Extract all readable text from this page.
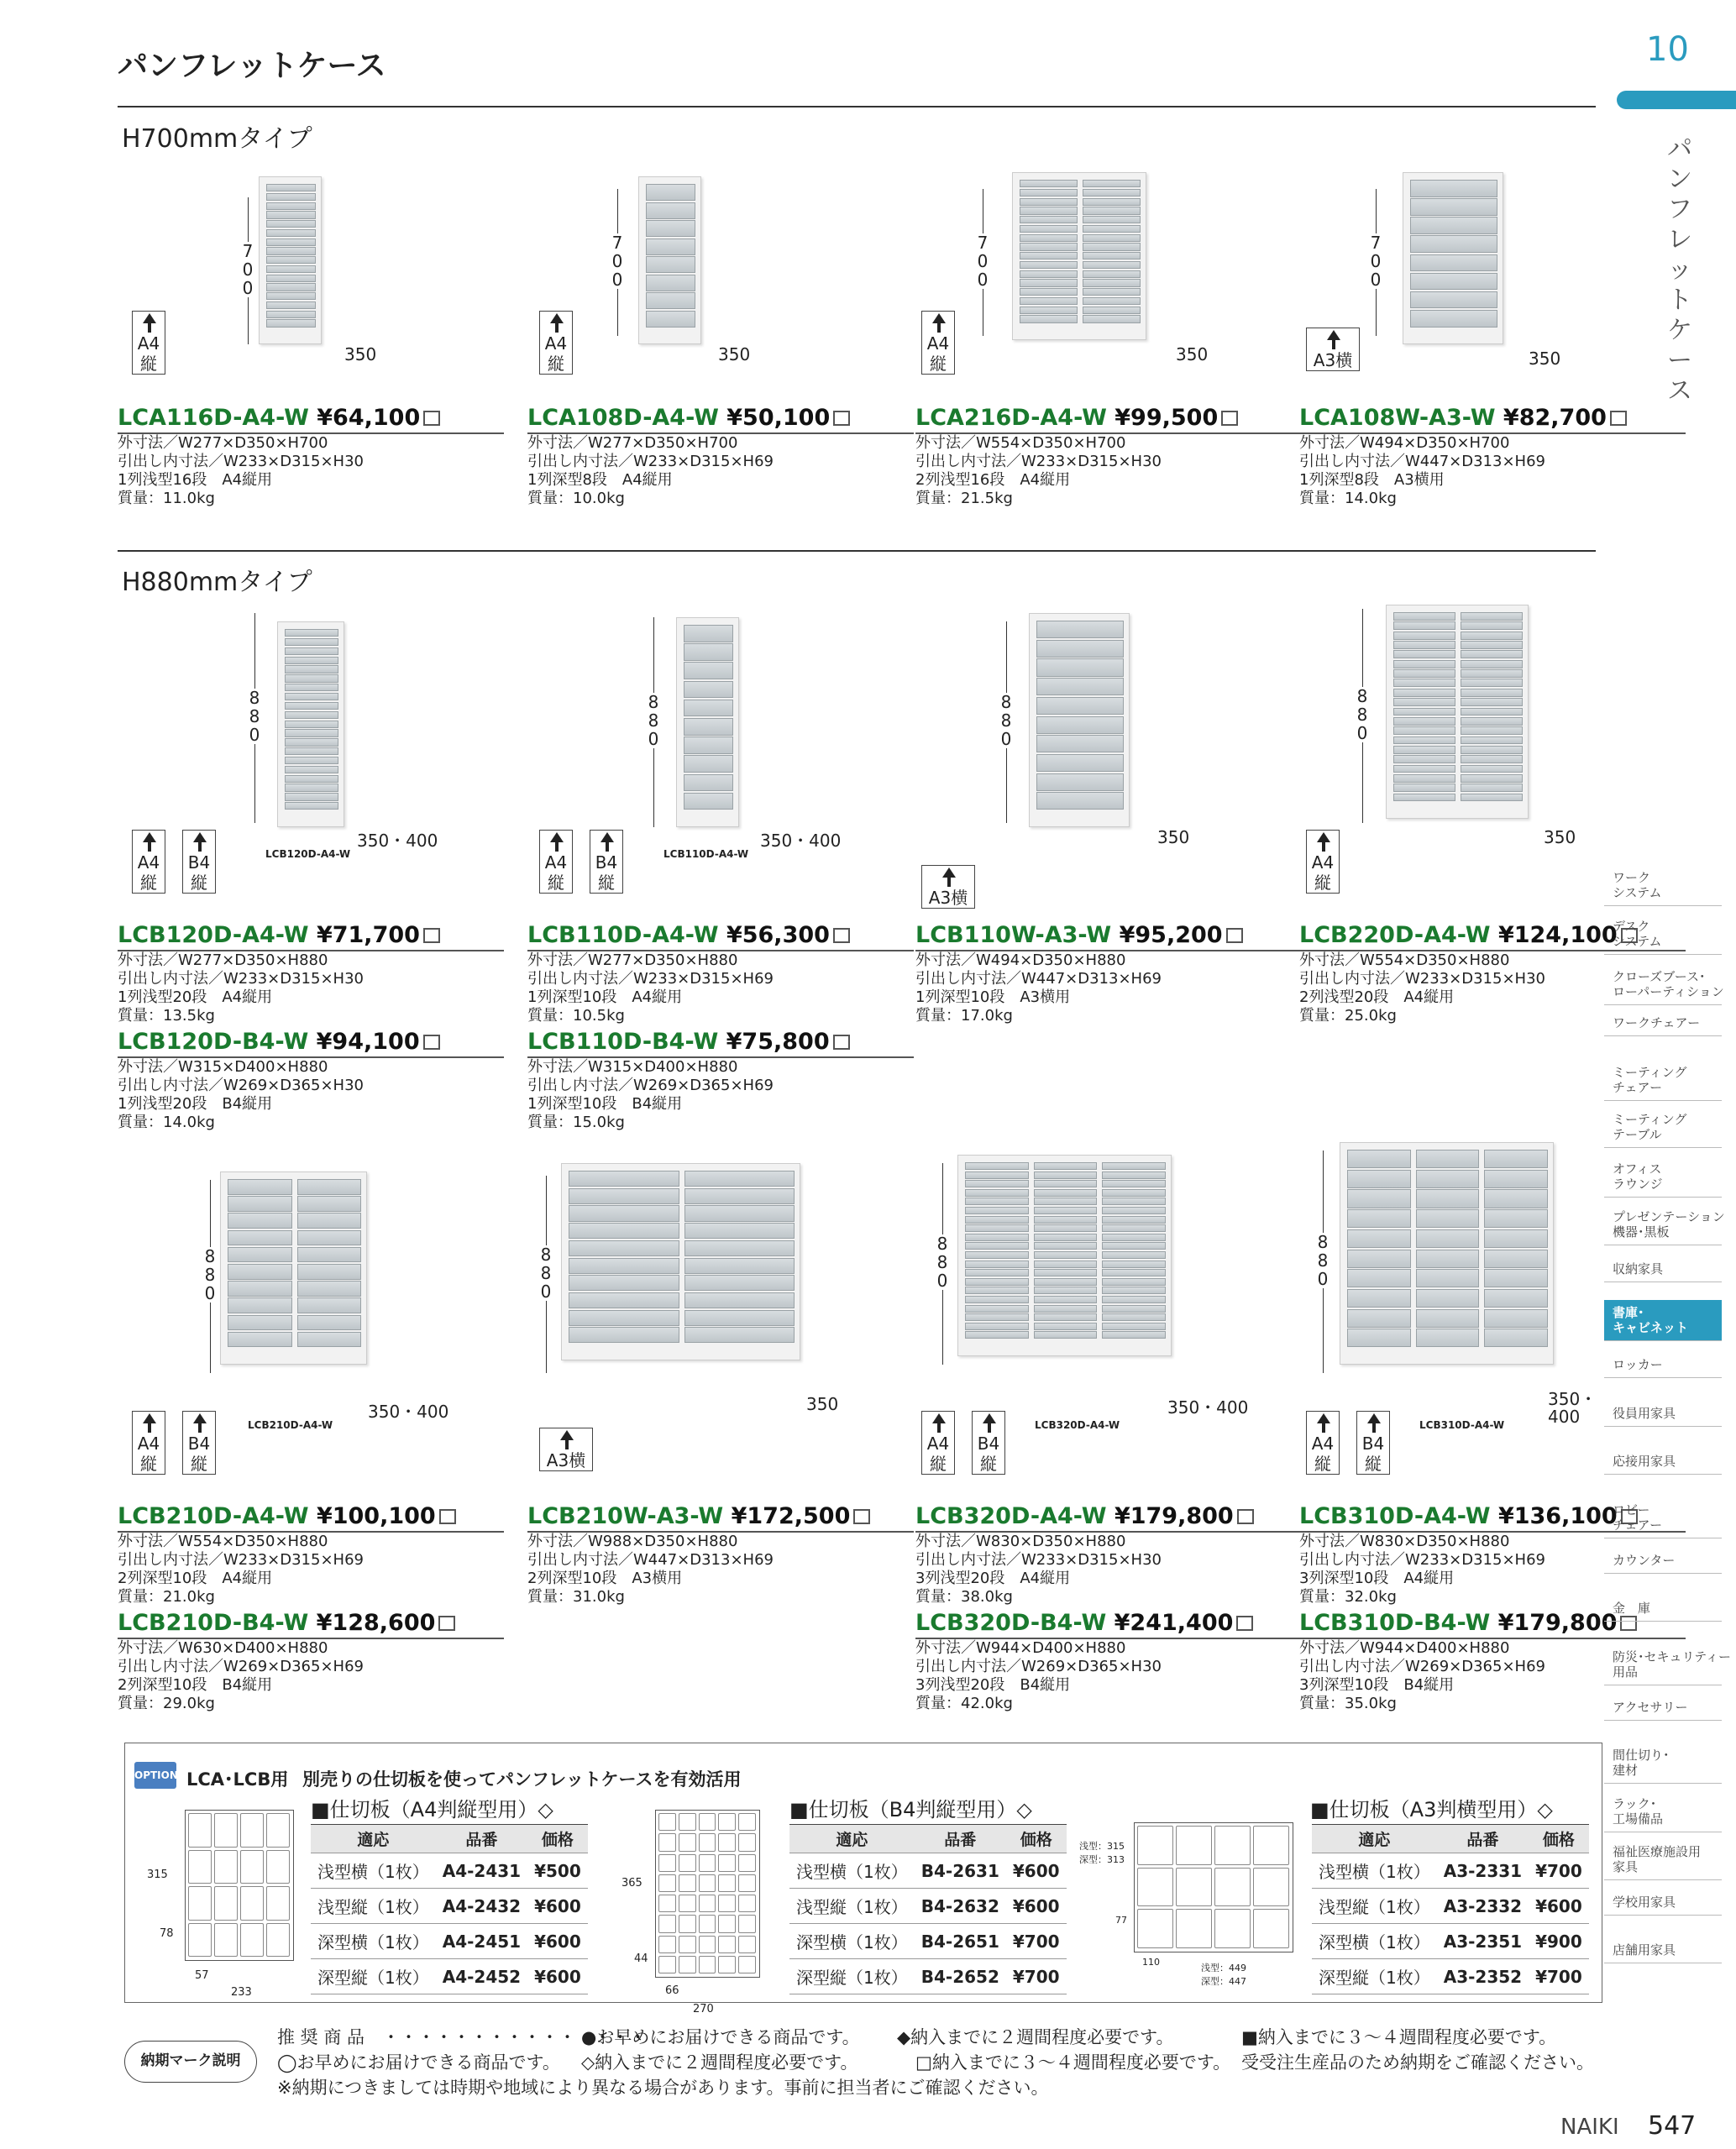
パンフレットケース	10
パンフレットケース
H700mmタイプ
H880mmタイプ
7
0
0
350
A4
縦
LCA116D-A4-W ¥64,100
外寸法／W277×D350×H700
引出し内寸法／W233×D315×H30
1列浅型16段　A4縦用
質量：11.0kg
7
0
0
350
A4
縦
LCA108D-A4-W ¥50,100
外寸法／W277×D350×H700
引出し内寸法／W233×D315×H69
1列深型8段　A4縦用
質量：10.0kg
7
0
0
350
A4
縦
LCA216D-A4-W ¥99,500
外寸法／W554×D350×H700
引出し内寸法／W233×D315×H30
2列浅型16段　A4縦用
質量：21.5kg
7
0
0
350
A3横
LCA108W-A3-W ¥82,700
外寸法／W494×D350×H700
引出し内寸法／W447×D313×H69
1列深型8段　A3横用
質量：14.0kg
8
8
0
350・400
LCB120D-A4-W
A4
縦
B4
縦
LCB120D-A4-W ¥71,700
外寸法／W277×D350×H880
引出し内寸法／W233×D315×H30
1列浅型20段　A4縦用
質量：13.5kg
LCB120D-B4-W ¥94,100
外寸法／W315×D400×H880
引出し内寸法／W269×D365×H30
1列浅型20段　B4縦用
質量：14.0kg
8
8
0
350・400
LCB110D-A4-W
A4
縦
B4
縦
LCB110D-A4-W ¥56,300
外寸法／W277×D350×H880
引出し内寸法／W233×D315×H69
1列深型10段　A4縦用
質量：10.5kg
LCB110D-B4-W ¥75,800
外寸法／W315×D400×H880
引出し内寸法／W269×D365×H69
1列深型10段　B4縦用
質量：15.0kg
8
8
0
350
A3横
LCB110W-A3-W ¥95,200
外寸法／W494×D350×H880
引出し内寸法／W447×D313×H69
1列深型10段　A3横用
質量：17.0kg
8
8
0
350
A4
縦
LCB220D-A4-W ¥124,100
外寸法／W554×D350×H880
引出し内寸法／W233×D315×H30
2列浅型20段　A4縦用
質量：25.0kg
8
8
0
350・400
LCB210D-A4-W
A4
縦
B4
縦
LCB210D-A4-W ¥100,100
外寸法／W554×D350×H880
引出し内寸法／W233×D315×H69
2列深型10段　A4縦用
質量：21.0kg
LCB210D-B4-W ¥128,600
外寸法／W630×D400×H880
引出し内寸法／W269×D365×H69
2列深型10段　B4縦用
質量：29.0kg
8
8
0
350
A3横
LCB210W-A3-W ¥172,500
外寸法／W988×D350×H880
引出し内寸法／W447×D313×H69
2列深型10段　A3横用
質量：31.0kg
8
8
0
350・400
LCB320D-A4-W
A4
縦
B4
縦
LCB320D-A4-W ¥179,800
外寸法／W830×D350×H880
引出し内寸法／W233×D315×H30
3列浅型20段　A4縦用
質量：38.0kg
LCB320D-B4-W ¥241,400
外寸法／W944×D400×H880
引出し内寸法／W269×D365×H30
3列浅型20段　B4縦用
質量：42.0kg
8
8
0
400
350・
LCB310D-A4-W
A4
縦
B4
縦
LCB310D-A4-W ¥136,100
外寸法／W830×D350×H880
引出し内寸法／W233×D315×H69
3列深型10段　A4縦用
質量：32.0kg
LCB310D-B4-W ¥179,800
外寸法／W944×D400×H880
引出し内寸法／W269×D365×H69
3列深型10段　B4縦用
質量：35.0kg
ワーク
システム
デスク
システム
クローズブース･
ローパーティション
ワークチェアー
ミーティング
チェアー
ミーティング
テーブル
オフィス
ラウンジ
プレゼンテーション
機器･黒板
収納家具
書庫･
キャビネット
ロッカー
役員用家具
応接用家具
ロビー
チェアー
カウンター
金　庫
防災･セキュリティー
用品
アクセサリー
間仕切り･
建材
ラック･
工場備品
福祉医療施設用
家具
学校用家具
店舗用家具
OPTION LCA･LCB用 別売りの仕切板を使ってパンフレットケースを有効活用
■仕切板（A4判縦型用）◇
適応	品番	価格
浅型横（1枚）	A4-2431	¥500
浅型縦（1枚）	A4-2432	¥600
深型横（1枚）	A4-2451	¥600
深型縦（1枚）	A4-2452	¥600
315
78
57
233
■仕切板（B4判縦型用）◇
適応	品番	価格
浅型横（1枚）	B4-2631	¥600
浅型縦（1枚）	B4-2632	¥600
深型横（1枚）	B4-2651	¥700
深型縦（1枚）	B4-2652	¥700
365
44
66
270
■仕切板（A3判横型用）◇
適応	品番	価格
浅型横（1枚）	A3-2331	¥700
浅型縦（1枚）	A3-2332	¥600
深型横（1枚）	A3-2351	¥900
深型縦（1枚）	A3-2352	¥700
浅型：315
深型：313
77
110
浅型：449
深型：447
納期マーク説明
推 奨 商 品　・・・・・・・・・・・・・・・
●お早めにお届けできる商品です。 ◆納入までに２週間程度必要です。	■納入までに３～４週間程度必要です。
◯お早めにお届けできる商品です。 ◇納入までに２週間程度必要です。	□納入までに３～４週間程度必要です。 受受注生産品のため納期をご確認ください。
※納期につきましては時期や地域により異なる場合があります。事前に担当者にご確認ください。
NAIKI 547
